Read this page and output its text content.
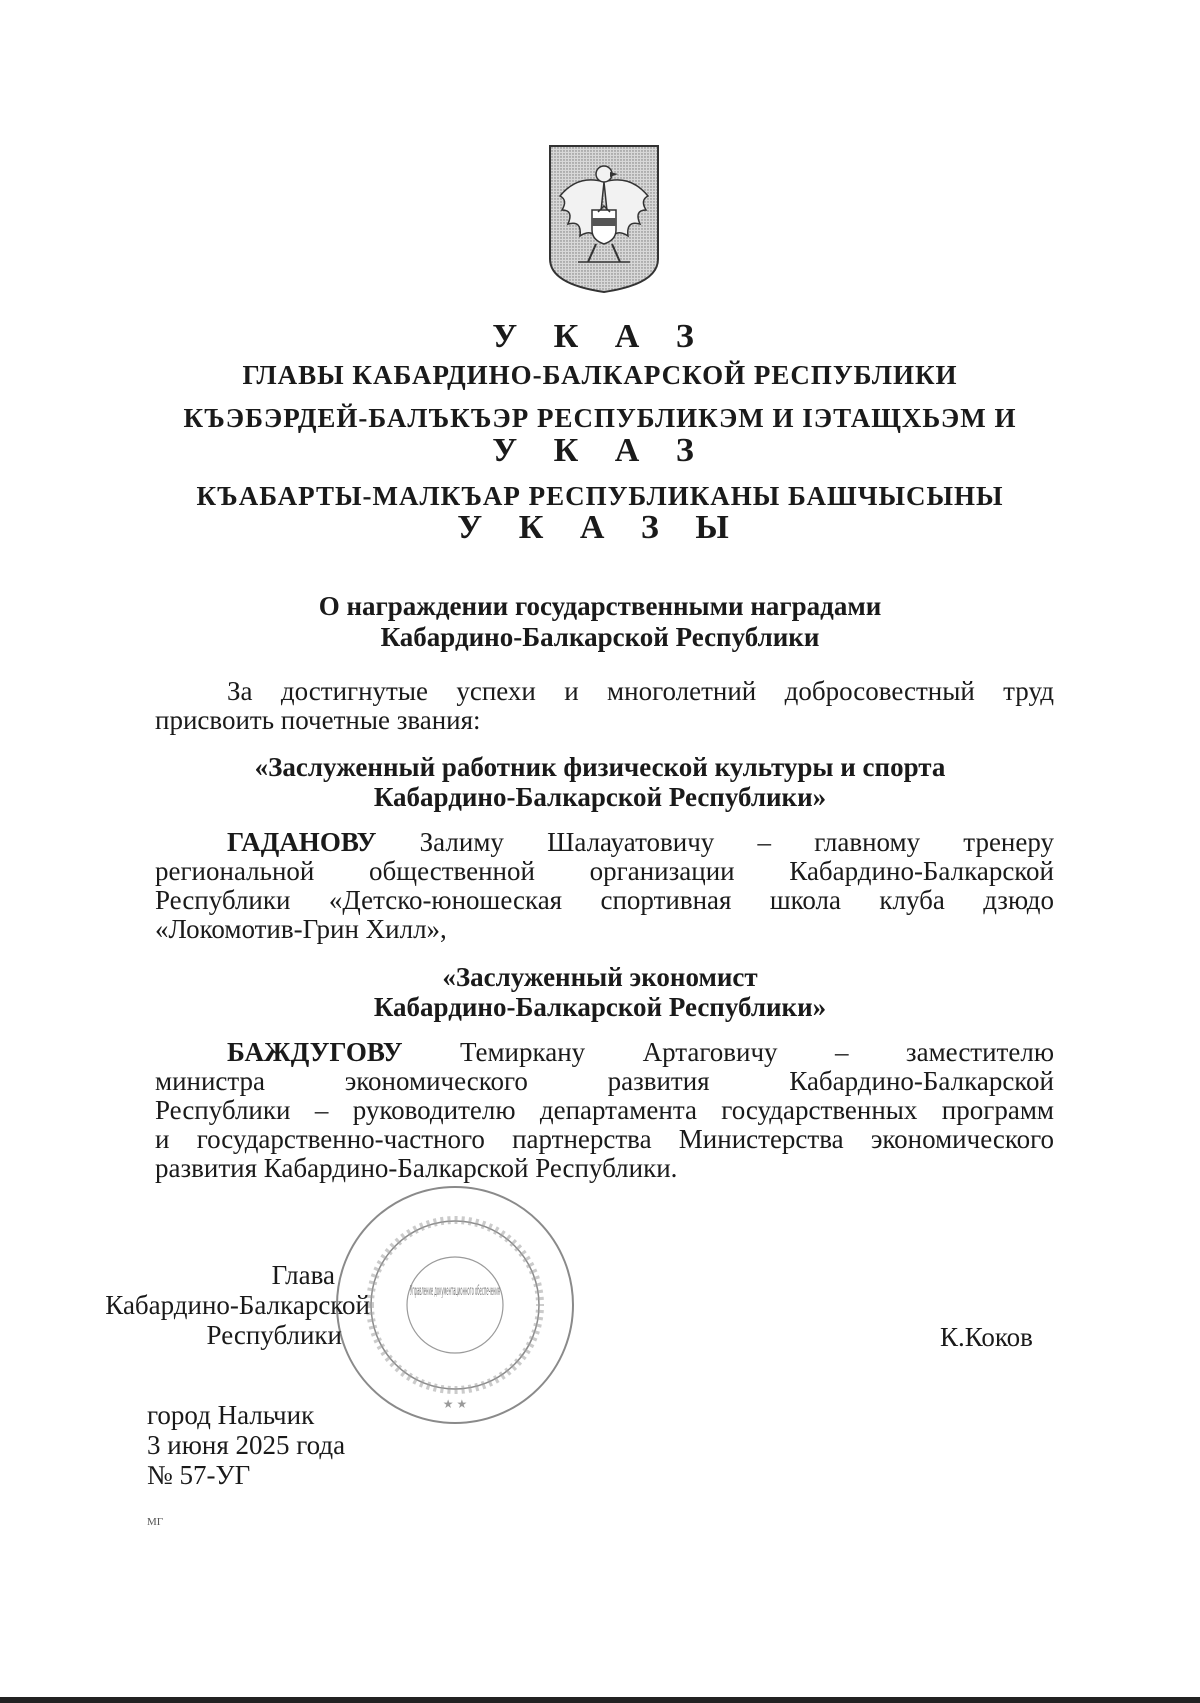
У К А З
ГЛАВЫ КАБАРДИНО-БАЛКАРСКОЙ РЕСПУБЛИКИ
КЪЭБЭРДЕЙ-БАЛЪКЪЭР РЕСПУБЛИКЭМ И ІЭТАЩХЬЭМ И
У К А З
КЪАБАРТЫ-МАЛКЪАР РЕСПУБЛИКАНЫ БАШЧЫСЫНЫ
У К А З Ы
О награждении государственными наградами
Кабардино-Балкарской Республики
За достигнутые успехи и многолетний добросовестный труд
присвоить почетные звания:
«Заслуженный работник физической культуры и спорта
Кабардино-Балкарской Республики»
ГАДАНОВУ Залиму Шалауатовичу – главному тренеру
региональной общественной организации Кабардино-Балкарской
Республики «Детско-юношеская спортивная школа клуба дзюдо
«Локомотив-Грин Хилл»,
«Заслуженный экономист
Кабардино-Балкарской Республики»
БАЖДУГОВУ Темиркану Артаговичу – заместителю
министра экономического развития Кабардино-Балкарской
Республики – руководителю департамента государственных программ
и государственно-частного партнерства Министерства экономического
развития Кабардино-Балкарской Республики.
Управление документационного обеспечения
★ ★
Глава
Кабардино-Балкарской
Республики	К.Коков
город Нальчик
3 июня 2025 года
№ 57-УГ
МГ
